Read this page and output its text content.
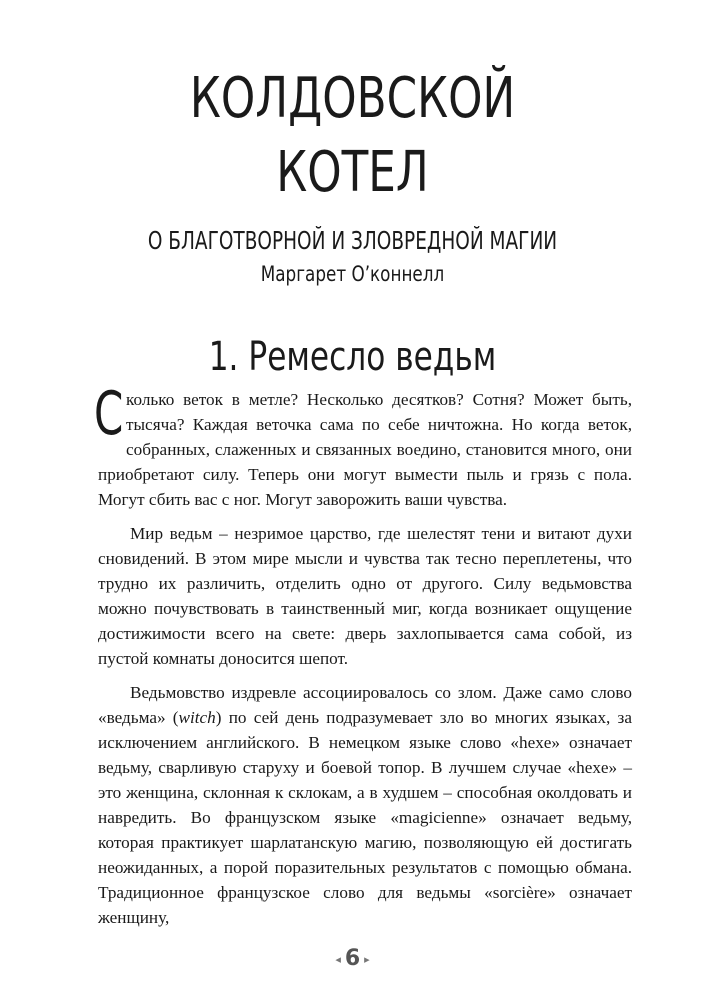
КОЛДОВСКОЙ
КОТЕЛ
О БЛАГОТВОРНОЙ И ЗЛОВРЕДНОЙ МАГИИ
Маргарет О’коннелл
1. Ремесло ведьм

Сколько веток в метле? Несколько десятков? Сотня? Может быть, тысяча? Каждая веточка сама по себе ничтожна. Но когда веток, собранных, слаженных и связанных воедино, становится много, они приобретают силу. Теперь они могут вымести пыль и грязь с пола. Могут сбить вас с ног. Могут заворожить ваши чувства.

Мир ведьм – незримое царство, где шелестят тени и витают духи сновидений. В этом мире мысли и чувства так тесно переплетены, что трудно их различить, отделить одно от другого. Силу ведьмовства можно почувствовать в таинственный миг, когда возникает ощущение достижимости всего на свете: дверь захлопывается сама собой, из пустой комнаты доносится шепот.

Ведьмовство издревле ассоциировалось со злом. Даже само слово «ведьма» (witch) по сей день подразумевает зло во многих языках, за исключением английского. В немецком языке слово «hexe» означает ведьму, сварливую старуху и боевой топор. В лучшем случае «hexe» – это женщина, склонная к склокам, а в худшем – способная околдовать и навредить. Во французском языке «magicienne» означает ведьму, которая практикует шарлатанскую магию, позволяющую ей достигать неожиданных, а порой поразительных результатов с помощью обмана. Традиционное французское слово для ведьмы «sorcière» означает женщину,

◂ 6 ▸
